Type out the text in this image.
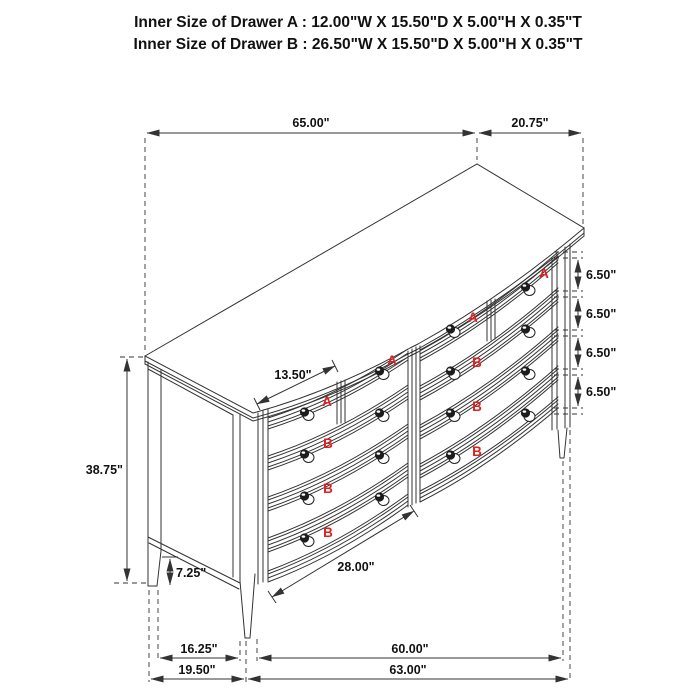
Inner Size of Drawer A : 12.00"W X 15.50"D X 5.00"H X 0.35"T
Inner Size of Drawer B : 26.50"W X 15.50"D X 5.00"H X 0.35"T
A
A
A
A
B
B
B
B
B
B
65.00"	20.75"
6.50"
6.50"
6.50"
6.50"
38.75"
7.25"
13.50"
28.00"
16.25"	60.00"
19.50"	63.00"
